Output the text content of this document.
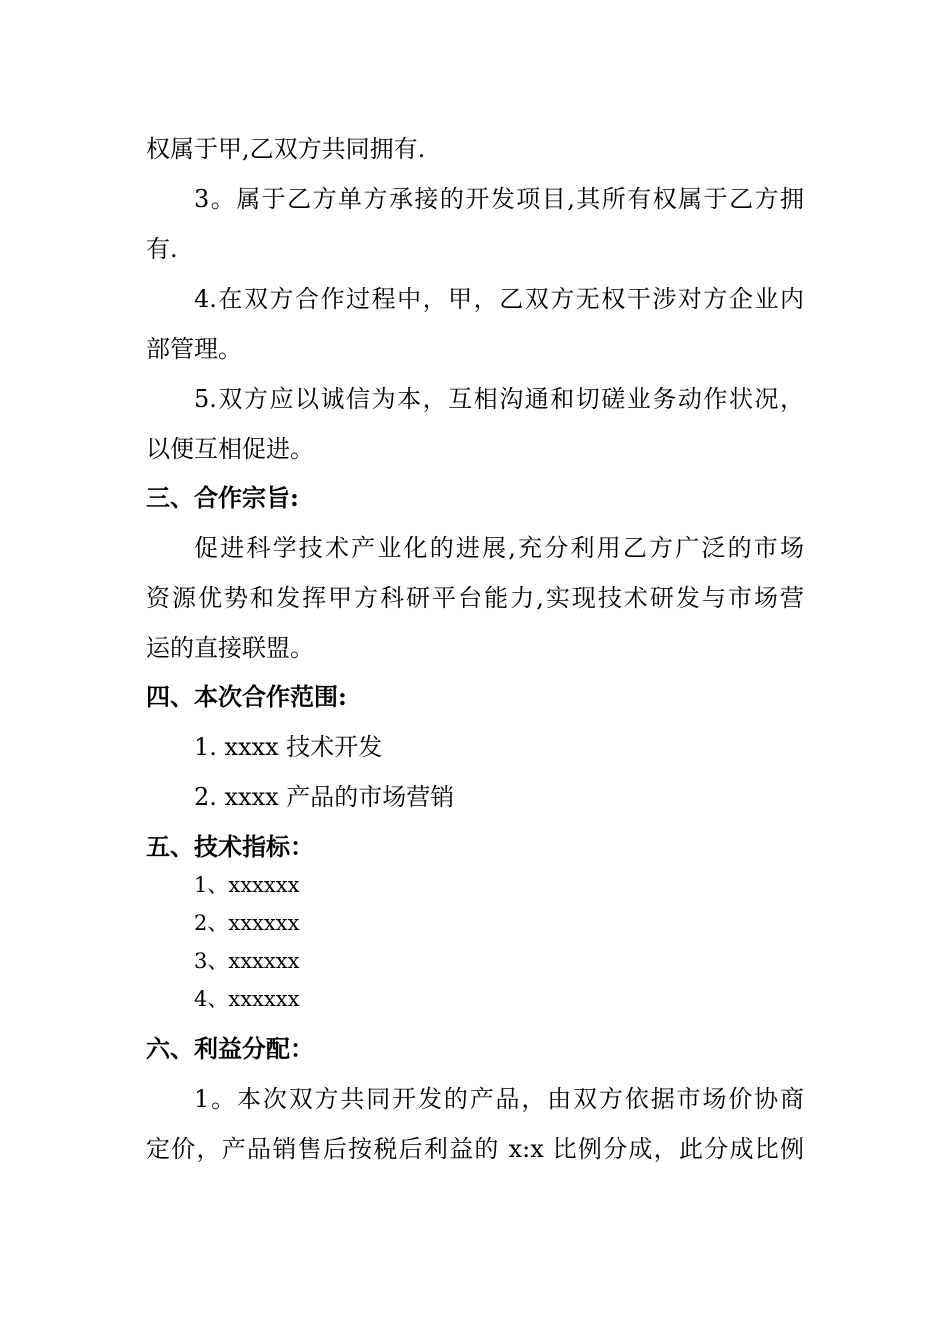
权属于甲,乙双方共同拥有.
3。属于乙方单方承接的开发项目,其所有权属于乙方拥
有.
4.在双方合作过程中，甲，乙双方无权干涉对方企业内
部管理。
5.双方应以诚信为本，互相沟通和切磋业务动作状况，
以便互相促进。
三、合作宗旨:
促进科学技术产业化的进展,充分利用乙方广泛的市场
资源优势和发挥甲方科研平台能力,实现技术研发与市场营
运的直接联盟。
四、本次合作范围:
1. xxxx 技术开发
2. xxxx 产品的市场营销
五、技术指标：
1、xxxxxx
2、xxxxxx
3、xxxxxx
4、xxxxxx
六、利益分配：
1。本次双方共同开发的产品，由双方依据市场价协商
定价，产品销售后按税后利益的 x:x 比例分成，此分成比例
